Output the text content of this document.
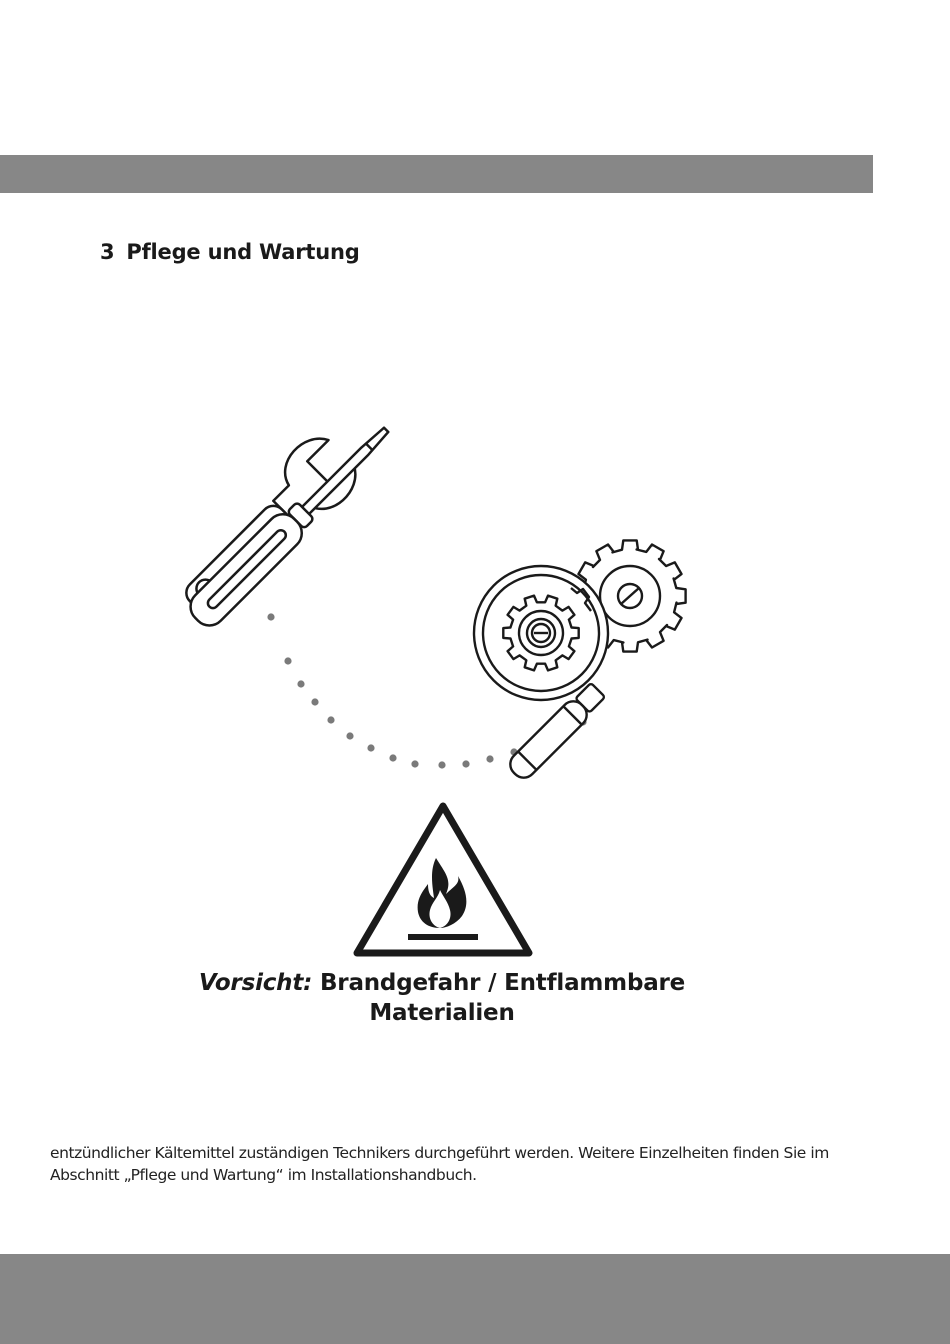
3 Pflege und Wartung
Vorsicht: Brandgefahr / Entflammbare
Materialien

entzündlicher Kältemittel zuständigen Technikers durchgeführt werden. Weitere Einzelheiten finden Sie im
Abschnitt „Pflege und Wartung“ im Installationshandbuch.
